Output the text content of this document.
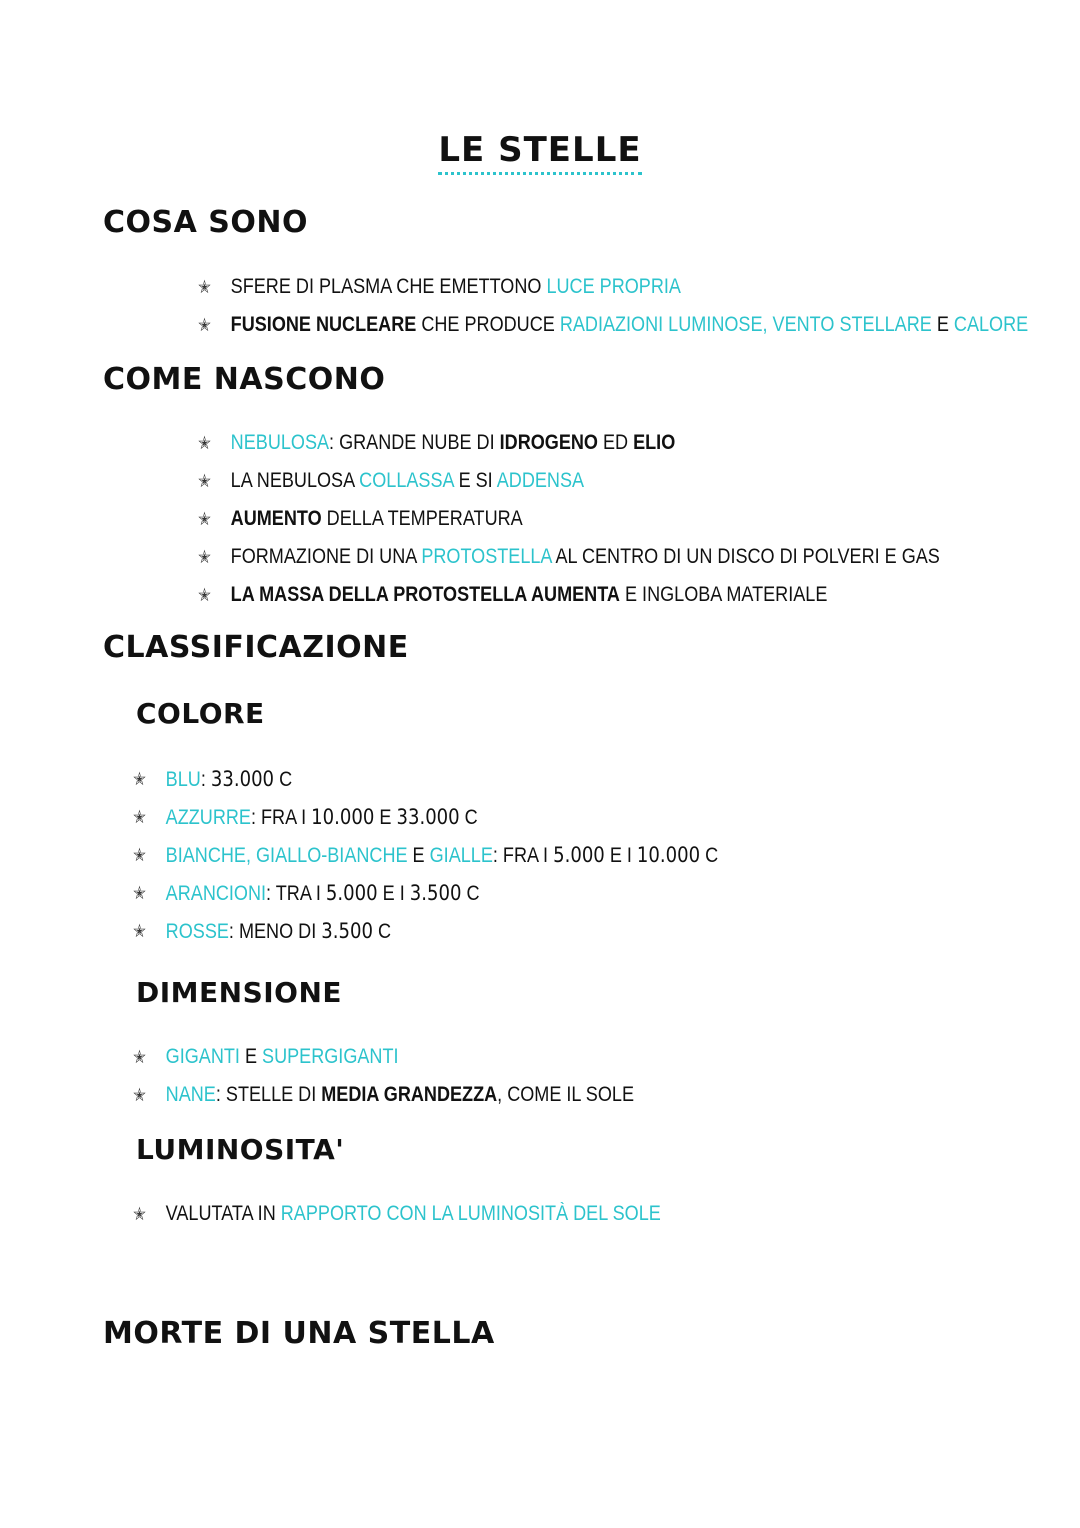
LE STELLE
COSA SONO
✭ SFERE DI PLASMA CHE EMETTONO LUCE PROPRIA
✭ FUSIONE NUCLEARE CHE PRODUCE RADIAZIONI LUMINOSE, VENTO STELLARE E CALORE
COME NASCONO
✭ NEBULOSA: GRANDE NUBE DI IDROGENO ED ELIO
✭ LA NEBULOSA COLLASSA E SI ADDENSA
✭ AUMENTO DELLA TEMPERATURA
✭ FORMAZIONE DI UNA PROTOSTELLA AL CENTRO DI UN DISCO DI POLVERI E GAS
✭ LA MASSA DELLA PROTOSTELLA AUMENTA E INGLOBA MATERIALE
CLASSIFICAZIONE
COLORE
✭ BLU: 33.000 C
✭ AZZURRE: FRA I 10.000 E 33.000 C
✭ BIANCHE, GIALLO-BIANCHE E GIALLE: FRA I 5.000 E I 10.000 C
✭ ARANCIONI: TRA I 5.000 E I 3.500 C
✭ ROSSE: MENO DI 3.500 C
DIMENSIONE
✭ GIGANTI E SUPERGIGANTI
✭ NANE: STELLE DI MEDIA GRANDEZZA, COME IL SOLE
LUMINOSITA'
✭ VALUTATA IN RAPPORTO CON LA LUMINOSITÀ DEL SOLE
MORTE DI UNA STELLA
